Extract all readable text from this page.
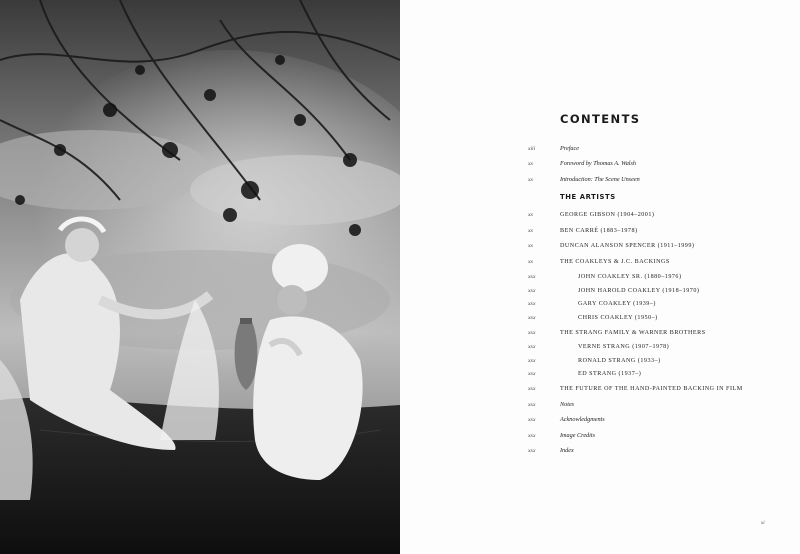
CONTENTS
THE ARTISTS
xiii	Preface
xx	Foreword by Thomas A. Walsh
xx	Introduction: The Scene Unseen
xx	GEORGE GIBSON (1904–2001)
xx	BEN CARRÉ (1883–1978)
xx	DUNCAN ALANSON SPENCER (1911–1999)
xx	THE COAKLEYS & J.C. BACKINGS
xxx	JOHN COAKLEY SR. (1880–1976)
xxx	JOHN HAROLD COAKLEY (1918–1970)
xxx	GARY COAKLEY (1939–)
xxx	CHRIS COAKLEY (1950–)
xxx	THE STRANG FAMILY & WARNER BROTHERS
xxx	VERNE STRANG (1907–1978)
xxx	RONALD STRANG (1933–)
xxx	ED STRANG (1937–)
xxx	THE FUTURE OF THE HAND-PAINTED BACKING IN FILM
xxx	Notes
xxx	Acknowledgments
xxx	Image Credits
xxx	Index
xi
